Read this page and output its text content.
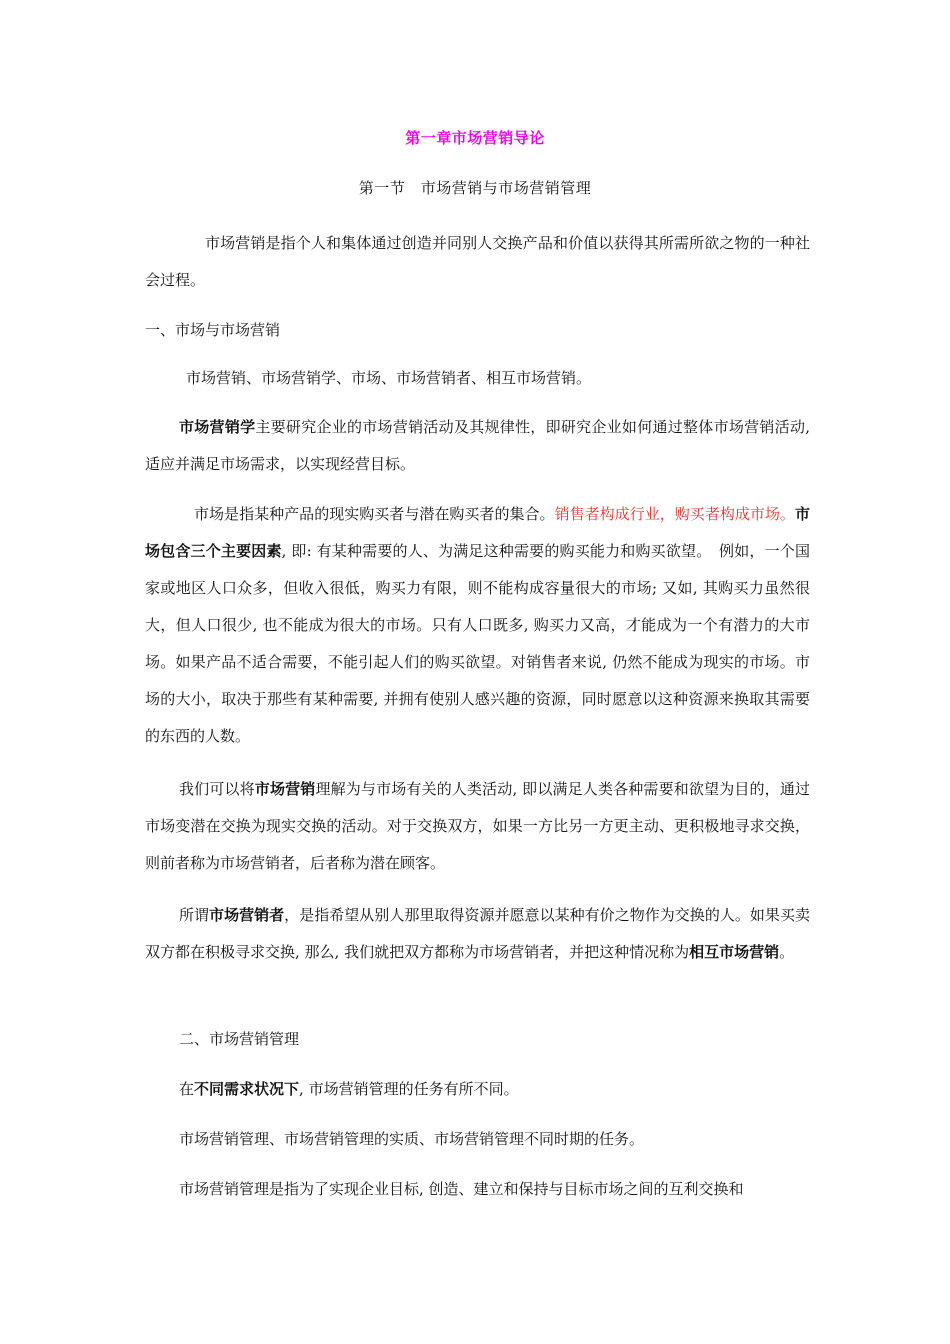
第一章市场营销导论
第一节　市场营销与市场营销管理
市场营销是指个人和集体通过创造并同别人交换产品和价值以获得其所需所欲之物的一种社会过程。
一、市场与市场营销
市场营销、市场营销学、市场、市场营销者、相互市场营销。
市场营销学主要研究企业的市场营销活动及其规律性，即研究企业如何通过整体市场营销活动, 适应并满足市场需求，以实现经营目标。
市场是指某种产品的现实购买者与潜在购买者的集合。销售者构成行业，购买者构成市场。市场包含三个主要因素, 即: 有某种需要的人、为满足这种需要的购买能力和购买欲望。　例如，一个国家或地区人口众多，但收入很低，购买力有限，则不能构成容量很大的市场; 又如, 其购买力虽然很大，但人口很少, 也不能成为很大的市场。只有人口既多, 购买力又高，才能成为一个有潜力的大市场。如果产品不适合需要，不能引起人们的购买欲望。对销售者来说, 仍然不能成为现实的市场。市场的大小，取决于那些有某种需要, 并拥有使别人感兴趣的资源，同时愿意以这种资源来换取其需要的东西的人数。
我们可以将市场营销理解为与市场有关的人类活动, 即以满足人类各种需要和欲望为目的，通过市场变潜在交换为现实交换的活动。对于交换双方，如果一方比另一方更主动、更积极地寻求交换，则前者称为市场营销者，后者称为潜在顾客。
所谓市场营销者，是指希望从别人那里取得资源并愿意以某种有价之物作为交换的人。如果买卖双方都在积极寻求交换, 那么, 我们就把双方都称为市场营销者，并把这种情况称为相互市场营销。
二、市场营销管理
在不同需求状况下, 市场营销管理的任务有所不同。
市场营销管理、市场营销管理的实质、市场营销管理不同时期的任务。
市场营销管理是指为了实现企业目标, 创造、建立和保持与目标市场之间的互利交换和
